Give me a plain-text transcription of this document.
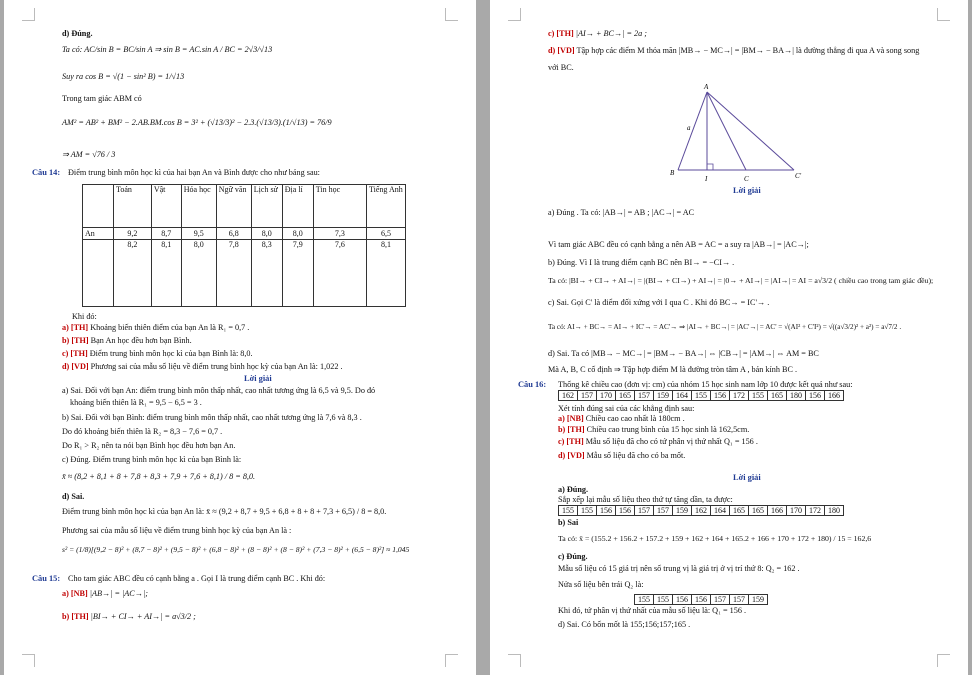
d) Đúng.
Ta có: AC/sin B = BC/sin A ⇒ sin B = AC.sin A / BC = 2√3/√13
Suy ra cos B = √(1 − sin² B) = 1/√13
Trong tam giác ABM có
AM² = AB² + BM² − 2.AB.BM.cos B = 3² + (√13/3)² − 2.3.(√13/3).(1/√13) = 76/9
⇒ AM = √76 / 3
Câu 14: Điểm trung bình môn học kì của hai bạn An và Bình được cho như bảng sau:
	Toán	Vật	Hóa học	Ngữ văn	Lịch sử	Địa lí	Tin học	Tiếng Anh
An	9,2	8,7	9,5	6,8	8,0	8,0	7,3	6,5
	8,2	8,1	8,0	7,8	8,3	7,9	7,6	8,1
Khi đó:
a) [TH] Khoảng biến thiên điểm của bạn An là R₁ = 0,7 .
b) [TH] Bạn An học đều hơn bạn Bình.
c) [TH] Điểm trung bình môn học kì của bạn Bình là: 8,0.
d) [VD] Phương sai của mẫu số liệu về điểm trung bình học kỳ của bạn An là: 1,022 .
Lời giải
a) Sai. Đối với bạn An: điểm trung bình môn thấp nhất, cao nhất tương ứng là 6,5 và 9,5. Do đó
khoảng biến thiên là R₁ = 9,5 − 6,5 = 3 .
b) Sai. Đối với bạn Bình: điểm trung bình môn thấp nhất, cao nhất tương ứng là 7,6 và 8,3 .
Do đó khoảng biến thiên là R₂ = 8,3 − 7,6 = 0,7 .
Do R₁ > R₂ nên ta nói bạn Bình học đều hơn bạn An.
c) Đúng. Điểm trung bình môn học kì của bạn Bình là:
x̄ ≈ (8,2 + 8,1 + 8 + 7,8 + 8,3 + 7,9 + 7,6 + 8,1) / 8 = 8,0.
d) Sai.
Điểm trung bình môn học kì của bạn An là: x̄ ≈ (9,2 + 8,7 + 9,5 + 6,8 + 8 + 8 + 7,3 + 6,5) / 8 = 8,0.
Phương sai của mẫu số liệu về điểm trung bình học kỳ của bạn An là :
s² = (1/8)[(9,2 − 8)² + (8,7 − 8)² + (9,5 − 8)² + (6,8 − 8)² + (8 − 8)² + (8 − 8)² + (7,3 − 8)² + (6,5 − 8)²] ≈ 1,045
Câu 15: Cho tam giác ABC đều có cạnh bằng a . Gọi I là trung điểm cạnh BC . Khi đó:
a) [NB] |AB→| = |AC→|;
b) [TH] |BI→ + CI→ + AI→| = a√3/2 ;
c) [TH] |AI→ + BC→| = 2a ;
d) [VD] Tập hợp các điểm M thỏa mãn |MB→ − MC→| = |BM→ − BA→| là đường thẳng đi qua A và song song
với BC.
A
B
I	C	C'
a
Lời giải
a) Đúng . Ta có: |AB→| = AB ; |AC→| = AC
Vì tam giác ABC đều có cạnh bằng a nên AB = AC = a suy ra |AB→| = |AC→|;
b) Đúng. Vì I là trung điểm cạnh BC nên BI→ = −CI→ .
Ta có: |BI→ + CI→ + AI→| = |(BI→ + CI→) + AI→| = |0→ + AI→| = |AI→| = AI = a√3/2 ( chiều cao trong tam giác đều);
c) Sai. Gọi C' là điểm đối xứng với I qua C . Khi đó BC→ = IC'→ .
Ta có: AI→ + BC→ = AI→ + IC'→ = AC'→ ⇒ |AI→ + BC→| = |AC'→| = AC' = √(AI² + C'I²) = √((a√3/2)² + a²) = a√7/2 .
d) Sai. Ta có |MB→ − MC→| = |BM→ − BA→| ⇔ |CB→| = |AM→| ⇔ AM = BC
Mà A, B, C cố định ⇒ Tập hợp điểm M là đường tròn tâm A , bán kính BC .
Câu 16: Thống kê chiều cao (đơn vị: cm) của nhóm 15 học sinh nam lớp 10 được kết quả như sau:
162	157	170	165	157	159	164	155	156	172	155	165	180	156	166
Xét tính đúng sai của các khẳng định sau:
a) [NB] Chiều cao cao nhất là 180cm .
b) [TH] Chiều cao trung bình của 15 học sinh là 162,5cm.
c) [TH] Mẫu số liệu đã cho có tứ phân vị thứ nhất Q₁ = 156 .
d) [VD] Mẫu số liệu đã cho có ba mốt.
Lời giải
a) Đúng.
Sắp xếp lại mẫu số liệu theo thứ tự tăng dần, ta được:
155	155	156	156	157	157	159	162	164	165	165	166	170	172	180
b) Sai
Ta có: x̄ = (155.2 + 156.2 + 157.2 + 159 + 162 + 164 + 165.2 + 166 + 170 + 172 + 180) / 15 = 162,6
c) Đúng.
Mẫu số liệu có 15 giá trị nên số trung vị là giá trị ở vị trí thứ 8: Q₂ = 162 .
Nửa số liệu bên trái Q₂ là:
155	155	156	156	157	157	159
Khi đó, tứ phân vị thứ nhất của mẫu số liệu là: Q₁ = 156 .
d) Sai. Có bốn mốt là 155;156;157;165 .
